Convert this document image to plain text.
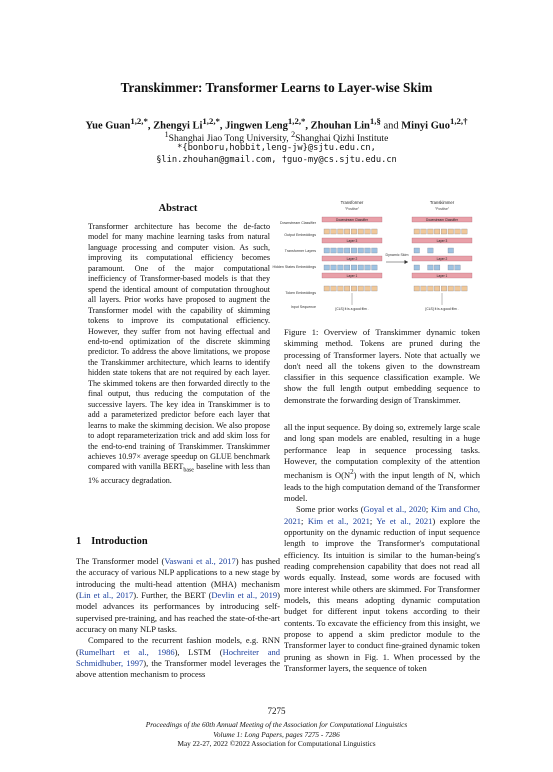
Transkimmer: Transformer Learns to Layer-wise Skim
Yue Guan$^{1,2,*}$, Zhengyi $Li^{1,2,*}$, Jingwen Leng$^{1,2,*}$, Zhouhan Lin$^{1,\S}$ and Minyi Guo$^{1,2,\dagger}$
$^1$Shanghai Jiao Tong University, $^2$Shanghai Qizhi Institute
*{bonboru,hobbit,leng-jw}@sjtu.edu.cn,
§lin.zhouhan@gmail.com, †guo-my@cs.sjtu.edu.cn
Abstract
Transformer architecture has become the de-facto model for many machine learning tasks from natural language processing and computer vision. As such, improving its computational efficiency becomes paramount. One of the major computational inefficiency of Transformer-based models is that they spend the identical amount of computation throughout all layers. Prior works have proposed to augment the Transformer model with the capability of skimming tokens to improve its computational efficiency. However, they suffer from not having effectual and end-to-end optimization of the discrete skimming predictor. To address the above limitations, we propose the Transkimmer architecture, which learns to identify hidden state tokens that are not required by each layer. The skimmed tokens are then forwarded directly to the final output, thus reducing the computation of the successive layers. The key idea in Transkimmer is to add a parameterized predictor before each layer that learns to make the skimming decision. We also propose to adopt reparameterization trick and add skim loss for the end-to-end training of Transkimmer. Transkimmer achieves 10.97× average speedup on GLUE benchmark compared with vanilla $BERT_{base}$ baseline with less than 1% accuracy degradation.
1 Introduction

The Transformer model (Vaswani et al., 2017) has pushed the accuracy of various NLP applications to a new stage by introducing the multi-head attention (MHA) mechanism (Lin et al., 2017). Further, the BERT (Devlin et al., 2019) model advances its performances by introducing self-supervised pre-training, and has reached the state-of-the-art accuracy on many NLP tasks.

Compared to the recurrent fashion models, e.g. RNN (Rumelhart et al., 1986), LSTM (Hochreiter and Schmidhuber, 1997), the Transformer model leverages the above attention mechanism to process

Downstream Classifier
Output Embeddings
Transformer Layers
Hidden States Embeddings
Token Embeddings
Input Sequence
Transformer
"Positive"
Downstream Classifier
Layer 3
Layer 2
Layer 1
[CLS] It is a good film .
Transkimmer
"Positive"
Downstream Classifier
Layer 3
Layer 2
Layer 1
[CLS] It is a good film .
Dynamic Skim
Figure 1: Overview of Transkimmer dynamic token skimming method. Tokens are pruned during the processing of Transformer layers. Note that actually we don't need all the tokens given to the downstream classifier in this sequence classification example. We show the full length output embedding sequence to demonstrate the forwarding design of Transkimmer.

all the input sequence. By doing so, extremely large scale and long span models are enabled, resulting in a huge performance leap in sequence processing tasks. However, the computation complexity of the attention mechanism is $O(N^2)$ with the input length of N, which leads to the high computation demand of the Transformer model.

Some prior works (Goyal et al., 2020; Kim and Cho, 2021; Kim et al., 2021; Ye et al., 2021) explore the opportunity on the dynamic reduction of input sequence length to improve the Transformer's computational efficiency. Its intuition is similar to the human-being's reading comprehension capability that does not read all words equally. Instead, some words are focused with more interest while others are skimmed. For Transformer models, this means adopting dynamic computation budget for different input tokens according to their contents. To excavate the efficiency from this insight, we propose to append a skim predictor module to the Transformer layer to conduct fine-grained dynamic token pruning as shown in Fig. 1. When processed by the Transformer layers, the sequence of token

7275
Proceedings of the 60th Annual Meeting of the Association for Computational Linguistics
Volume 1: Long Papers, pages 7275 - 7286
May 22-27, 2022 ©2022 Association for Computational Linguistics
